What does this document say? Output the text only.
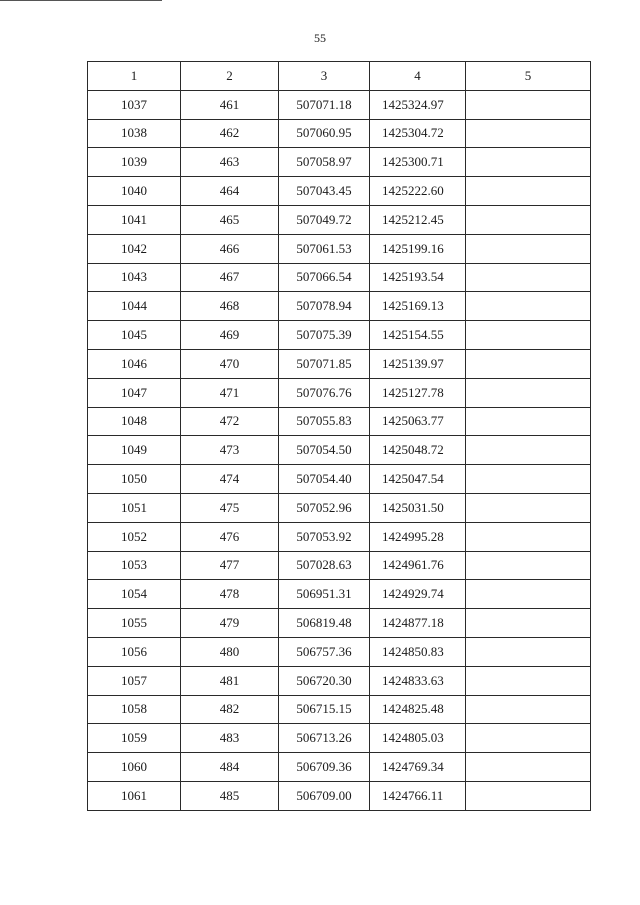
55
1	2	3	4	5
1037	461	507071.18	1425324.97	
1038	462	507060.95	1425304.72	
1039	463	507058.97	1425300.71	
1040	464	507043.45	1425222.60	
1041	465	507049.72	1425212.45	
1042	466	507061.53	1425199.16	
1043	467	507066.54	1425193.54	
1044	468	507078.94	1425169.13	
1045	469	507075.39	1425154.55	
1046	470	507071.85	1425139.97	
1047	471	507076.76	1425127.78	
1048	472	507055.83	1425063.77	
1049	473	507054.50	1425048.72	
1050	474	507054.40	1425047.54	
1051	475	507052.96	1425031.50	
1052	476	507053.92	1424995.28	
1053	477	507028.63	1424961.76	
1054	478	506951.31	1424929.74	
1055	479	506819.48	1424877.18	
1056	480	506757.36	1424850.83	
1057	481	506720.30	1424833.63	
1058	482	506715.15	1424825.48	
1059	483	506713.26	1424805.03	
1060	484	506709.36	1424769.34	
1061	485	506709.00	1424766.11	
